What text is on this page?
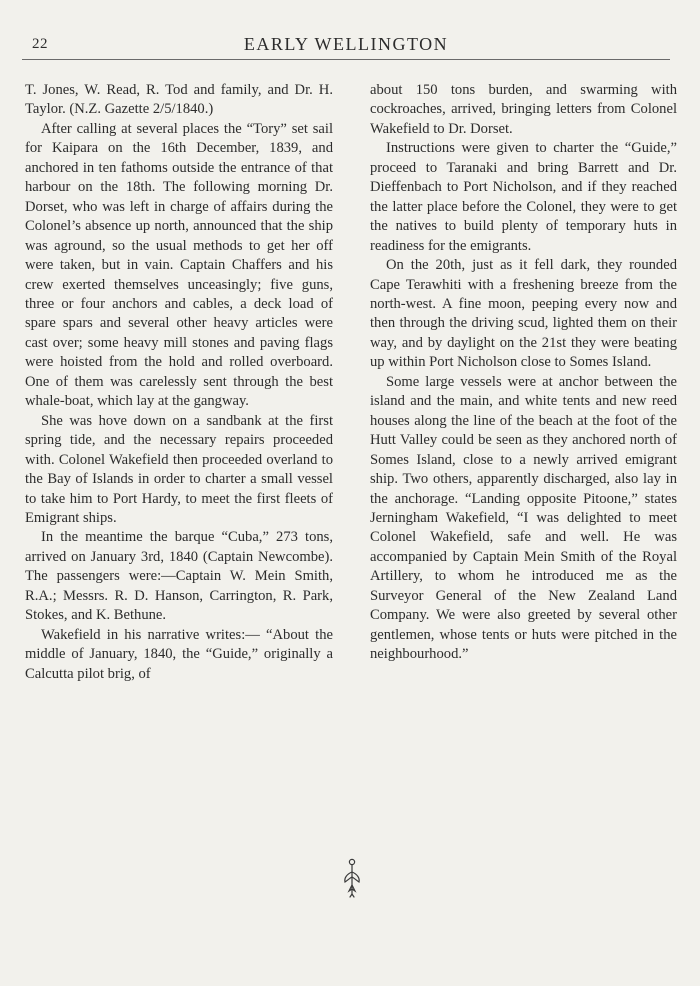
22	EARLY WELLINGTON

T. Jones, W. Read, R. Tod and family, and Dr. H. Taylor. (N.Z. Gazette 2/5/1840.)

After calling at several places the “Tory” set sail for Kaipara on the 16th December, 1839, and anchored in ten fathoms outside the entrance of that harbour on the 18th. The following morning Dr. Dorset, who was left in charge of affairs during the Colonel’s absence up north, announced that the ship was aground, so the usual methods to get her off were taken, but in vain. Captain Chaffers and his crew exerted themselves unceasingly; five guns, three or four anchors and cables, a deck load of spare spars and several other heavy articles were cast over; some heavy mill stones and paving flags were hoisted from the hold and rolled overboard. One of them was carelessly sent through the best whale-boat, which lay at the gangway.

She was hove down on a sandbank at the first spring tide, and the necessary repairs proceeded with. Colonel Wakefield then proceeded overland to the Bay of Islands in order to charter a small vessel to take him to Port Hardy, to meet the first fleets of Emigrant ships.

In the meantime the barque “Cuba,” 273 tons, arrived on January 3rd, 1840 (Captain Newcombe). The passengers were:—Captain W. Mein Smith, R.A.; Messrs. R. D. Hanson, Carrington, R. Park, Stokes, and K. Bethune.

Wakefield in his narrative writes:— “About the middle of January, 1840, the “Guide,” originally a Calcutta pilot brig, of

about 150 tons burden, and swarming with cockroaches, arrived, bringing letters from Colonel Wakefield to Dr. Dorset.

Instructions were given to charter the “Guide,” proceed to Taranaki and bring Barrett and Dr. Dieffenbach to Port Nicholson, and if they reached the latter place before the Colonel, they were to get the natives to build plenty of temporary huts in readiness for the emigrants.

On the 20th, just as it fell dark, they rounded Cape Terawhiti with a freshening breeze from the north-west. A fine moon, peeping every now and then through the driving scud, lighted them on their way, and by daylight on the 21st they were beating up within Port Nicholson close to Somes Island.

Some large vessels were at anchor between the island and the main, and white tents and new reed houses along the line of the beach at the foot of the Hutt Valley could be seen as they anchored north of Somes Island, close to a newly arrived emigrant ship. Two others, apparently discharged, also lay in the anchorage. “Landing opposite Pitoone,” states Jerningham Wakefield, “I was delighted to meet Colonel Wakefield, safe and well. He was accompanied by Captain Mein Smith of the Royal Artillery, to whom he introduced me as the Surveyor General of the New Zealand Land Company. We were also greeted by several other gentlemen, whose tents or huts were pitched in the neighbourhood.”
